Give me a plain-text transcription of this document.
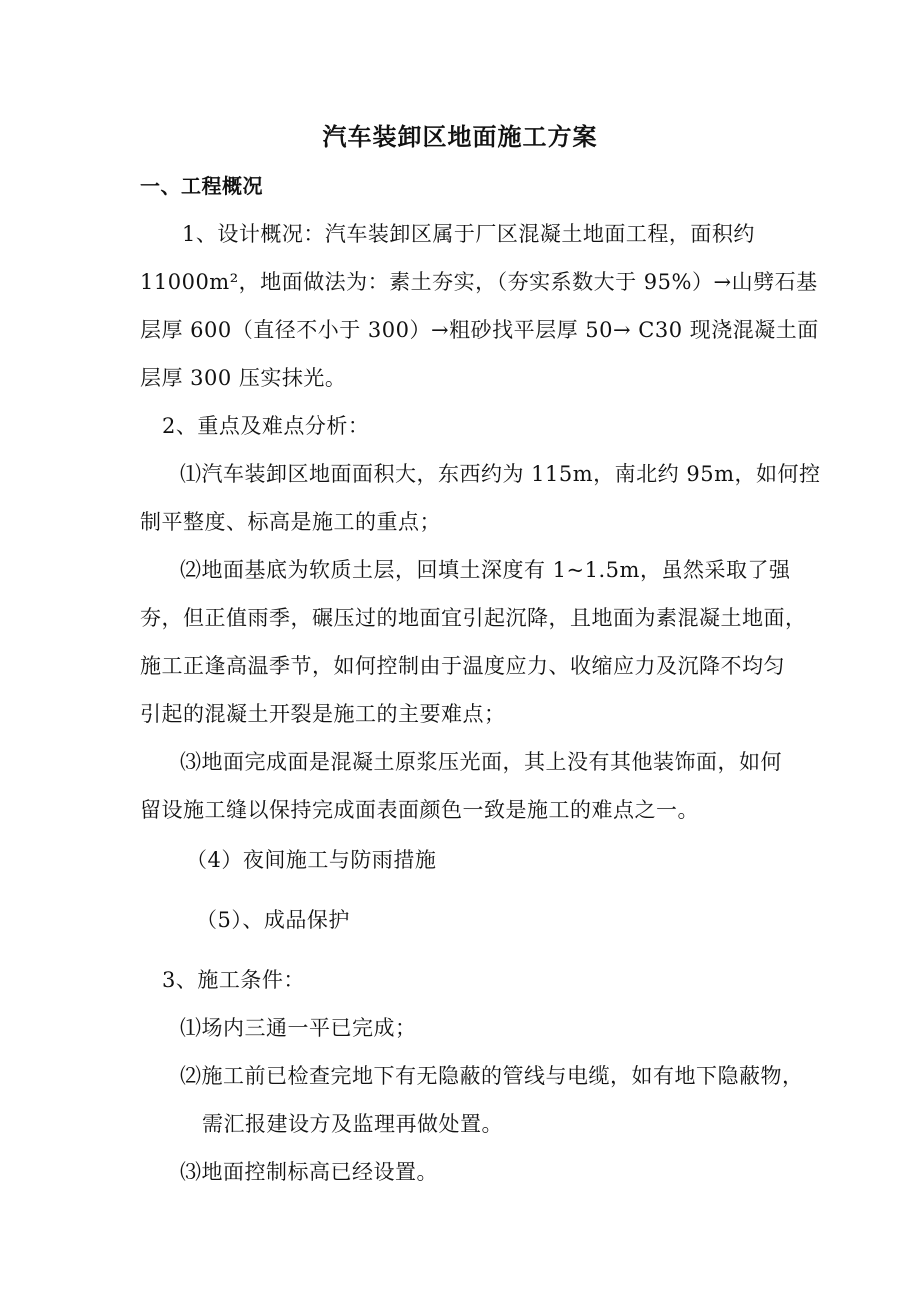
汽车装卸区地面施工方案
一、工程概况
1、设计概况：汽车装卸区属于厂区混凝土地面工程，面积约
11000m²，地面做法为：素土夯实，（夯实系数大于 95%）→山劈石基
层厚 600（直径不小于 300）→粗砂找平层厚 50→ C30 现浇混凝土面
层厚 300 压实抹光。
2、重点及难点分析：
⑴汽车装卸区地面面积大，东西约为 115m，南北约 95m，如何控
制平整度、标高是施工的重点；
⑵地面基底为软质土层，回填土深度有 1~1.5m，虽然采取了强
夯，但正值雨季，碾压过的地面宜引起沉降，且地面为素混凝土地面，
施工正逢高温季节，如何控制由于温度应力、收缩应力及沉降不均匀
引起的混凝土开裂是施工的主要难点；
⑶地面完成面是混凝土原浆压光面，其上没有其他装饰面，如何
留设施工缝以保持完成面表面颜色一致是施工的难点之一。
（4）夜间施工与防雨措施
（5）、成品保护
3、施工条件：
⑴场内三通一平已完成；
⑵施工前已检查完地下有无隐蔽的管线与电缆，如有地下隐蔽物，
需汇报建设方及监理再做处置。
⑶地面控制标高已经设置。
